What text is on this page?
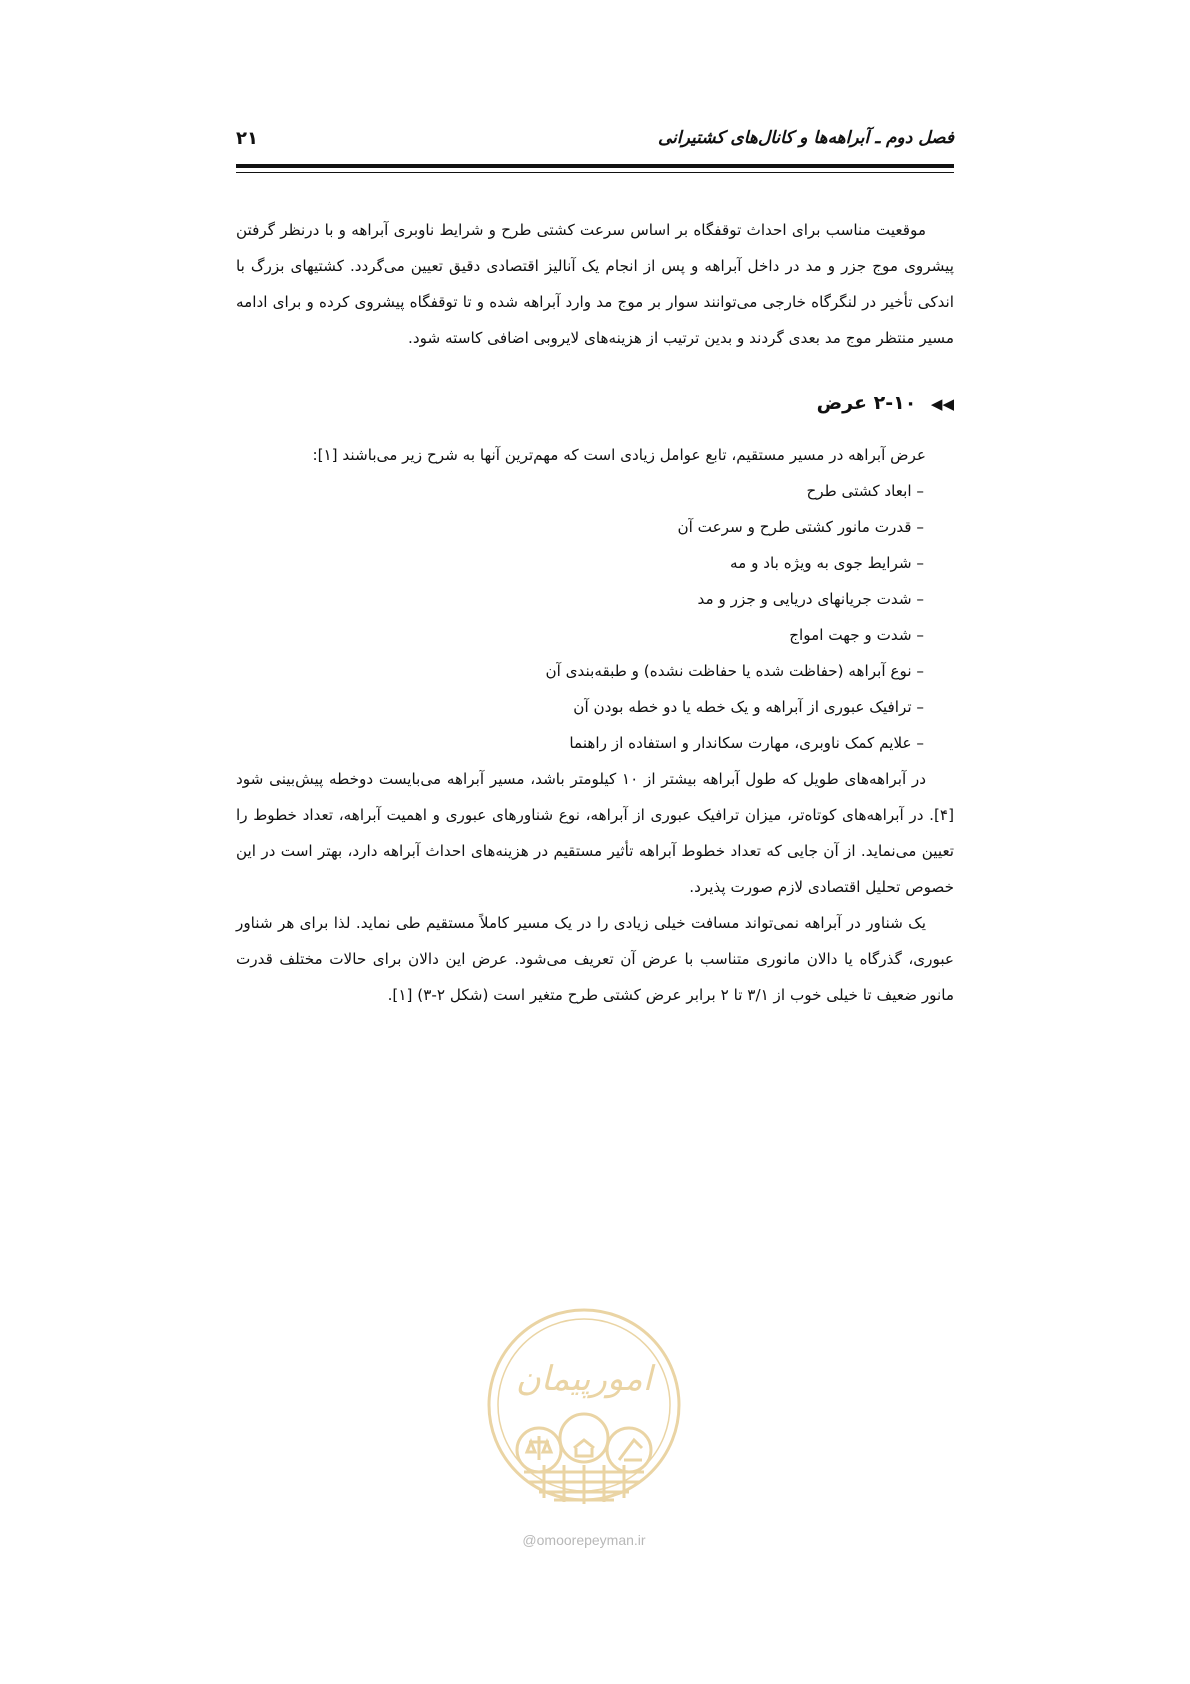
فصل دوم ـ آبراهه‌ها و کانال‌های کشتیرانی
۲۱

موقعیت مناسب برای احداث توقفگاه بر اساس سرعت کشتی طرح و شرایط ناوبری آبراهه و با درنظر گرفتن پیشروی موج جزر و مد در داخل آبراهه و پس از انجام یک آنالیز اقتصادی دقیق تعیین می‌گردد. کشتیهای بزرگ با اندکی تأخیر در لنگرگاه خارجی می‌توانند سوار بر موج مد وارد آبراهه شده و تا توقفگاه پیشروی کرده و برای ادامه مسیر منتظر موج مد بعدی گردند و بدین ترتیب از هزینه‌های لایروبی اضافی کاسته شود.

◀◀ ۲-۱۰ عرض

عرض آبراهه در مسیر مستقیم، تابع عوامل زیادی است که مهم‌ترین آنها به شرح زیر می‌باشند [۱]:

– ابعاد کشتی طرح
– قدرت مانور کشتی طرح و سرعت آن
– شرایط جوی به ویژه باد و مه
– شدت جریانهای دریایی و جزر و مد
– شدت و جهت امواج
– نوع آبراهه (حفاظت شده یا حفاظت نشده) و طبقه‌بندی آن
– ترافیک عبوری از آبراهه و یک خطه یا دو خطه بودن آن
– علایم کمک ناوبری، مهارت سکاندار و استفاده از راهنما

در آبراهه‌های طویل که طول آبراهه بیشتر از ۱۰ کیلومتر باشد، مسیر آبراهه می‌بایست دوخطه پیش‌بینی شود [۴]. در آبراهه‌های کوتاه‌تر، میزان ترافیک عبوری از آبراهه، نوع شناورهای عبوری و اهمیت آبراهه، تعداد خطوط را تعیین می‌نماید. از آن جایی که تعداد خطوط آبراهه تأثیر مستقیم در هزینه‌های احداث آبراهه دارد، بهتر است در این خصوص تحلیل اقتصادی لازم صورت پذیرد.

یک شناور در آبراهه نمی‌تواند مسافت خیلی زیادی را در یک مسیر کاملاً مستقیم طی نماید. لذا برای هر شناور عبوری، گذرگاه یا دالان مانوری متناسب با عرض آن تعریف می‌شود. عرض این دالان برای حالات مختلف قدرت مانور ضعیف تا خیلی خوب از ۳/۱ تا ۲ برابر عرض کشتی طرح متغیر است (شکل ۲-۳) [۱].

امورپیمان
@omoorepeyman.ir
